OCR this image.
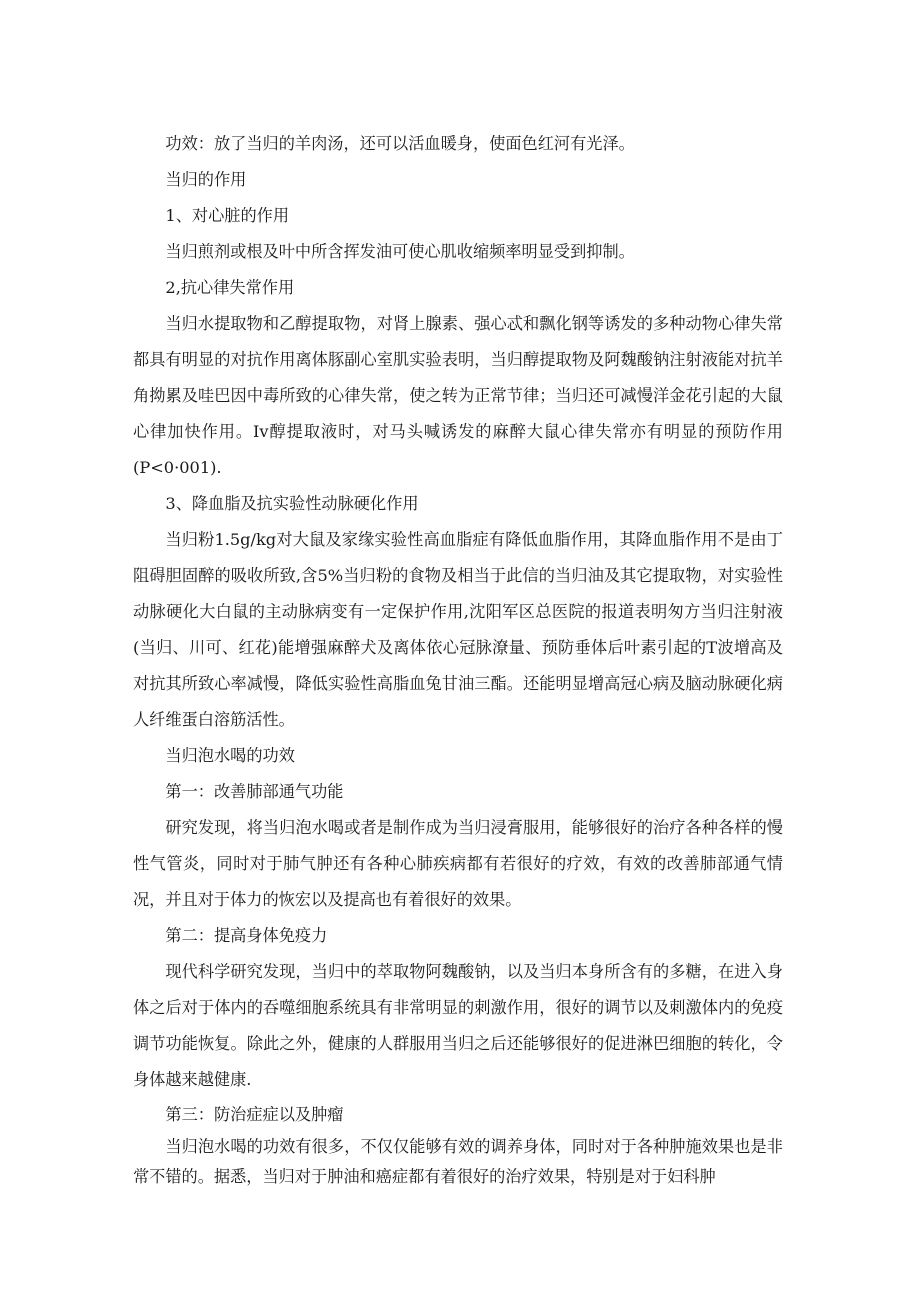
功效：放了当归的羊肉汤，还可以活血暖身，使面色红河有光泽。

当归的作用

1、对心脏的作用

当归煎剂或根及叶中所含挥发油可使心肌收缩频率明显受到抑制。

2,抗心律失常作用

当归水提取物和乙醇提取物，对肾上腺素、强心忒和飘化钢等诱发的多种动物心律失常都具有明显的对抗作用离体豚副心室肌实验表明，当归醇提取物及阿魏酸钠注射液能对抗羊角拗累及哇巴因中毒所致的心律失常，使之转为正常节律；当归还可减慢洋金花引起的大鼠心律加快作用。Iv醇提取液时，对马头喊诱发的麻醉大鼠心律失常亦有明显的预防作用(P<0·001).

3、降血脂及抗实验性动脉硬化作用

当归粉1.5g/kg对大鼠及家缘实验性高血脂症有降低血脂作用，其降血脂作用不是由丁阻碍胆固醉的吸收所致,含5%当归粉的食物及相当于此信的当归油及其它提取物，对实验性动脉硬化大白鼠的主动脉病变有一定保护作用,沈阳军区总医院的报道表明匆方当归注射液(当归、川可、红花)能增强麻醉犬及离体依心冠脉潦量、预防垂体后叶素引起的T波增高及对抗其所致心率减慢，降低实验性高脂血兔甘油三酯。还能明显增高冠心病及脑动脉硬化病人纤维蛋白溶筋活性。

当归泡水喝的功效

第一：改善肺部通气功能

研究发现，将当归泡水喝或者是制作成为当归浸膏服用，能够很好的治疗各种各样的慢性气管炎，同时对于肺气肿还有各种心肺疾病都有若很好的疗效，有效的改善肺部通气情况，并且对于体力的恢宏以及提高也有着很好的效果。

第二：提高身体免疫力

现代科学研究发现，当归中的萃取物阿魏酸钠，以及当归本身所含有的多糖，在进入身体之后对于体内的吞噬细胞系统具有非常明显的刺激作用，很好的调节以及刺激体内的免疫调节功能恢复。除此之外，健康的人群服用当归之后还能够很好的促进淋巴细胞的转化，令身体越来越健康.

第三：防治症症以及肿瘤

当归泡水喝的功效有很多，不仅仅能够有效的调养身体，同时对于各种肿施效果也是非常不错的。据悉，当归对于肿油和癌症都有着很好的治疗效果，特别是对于妇科肿
